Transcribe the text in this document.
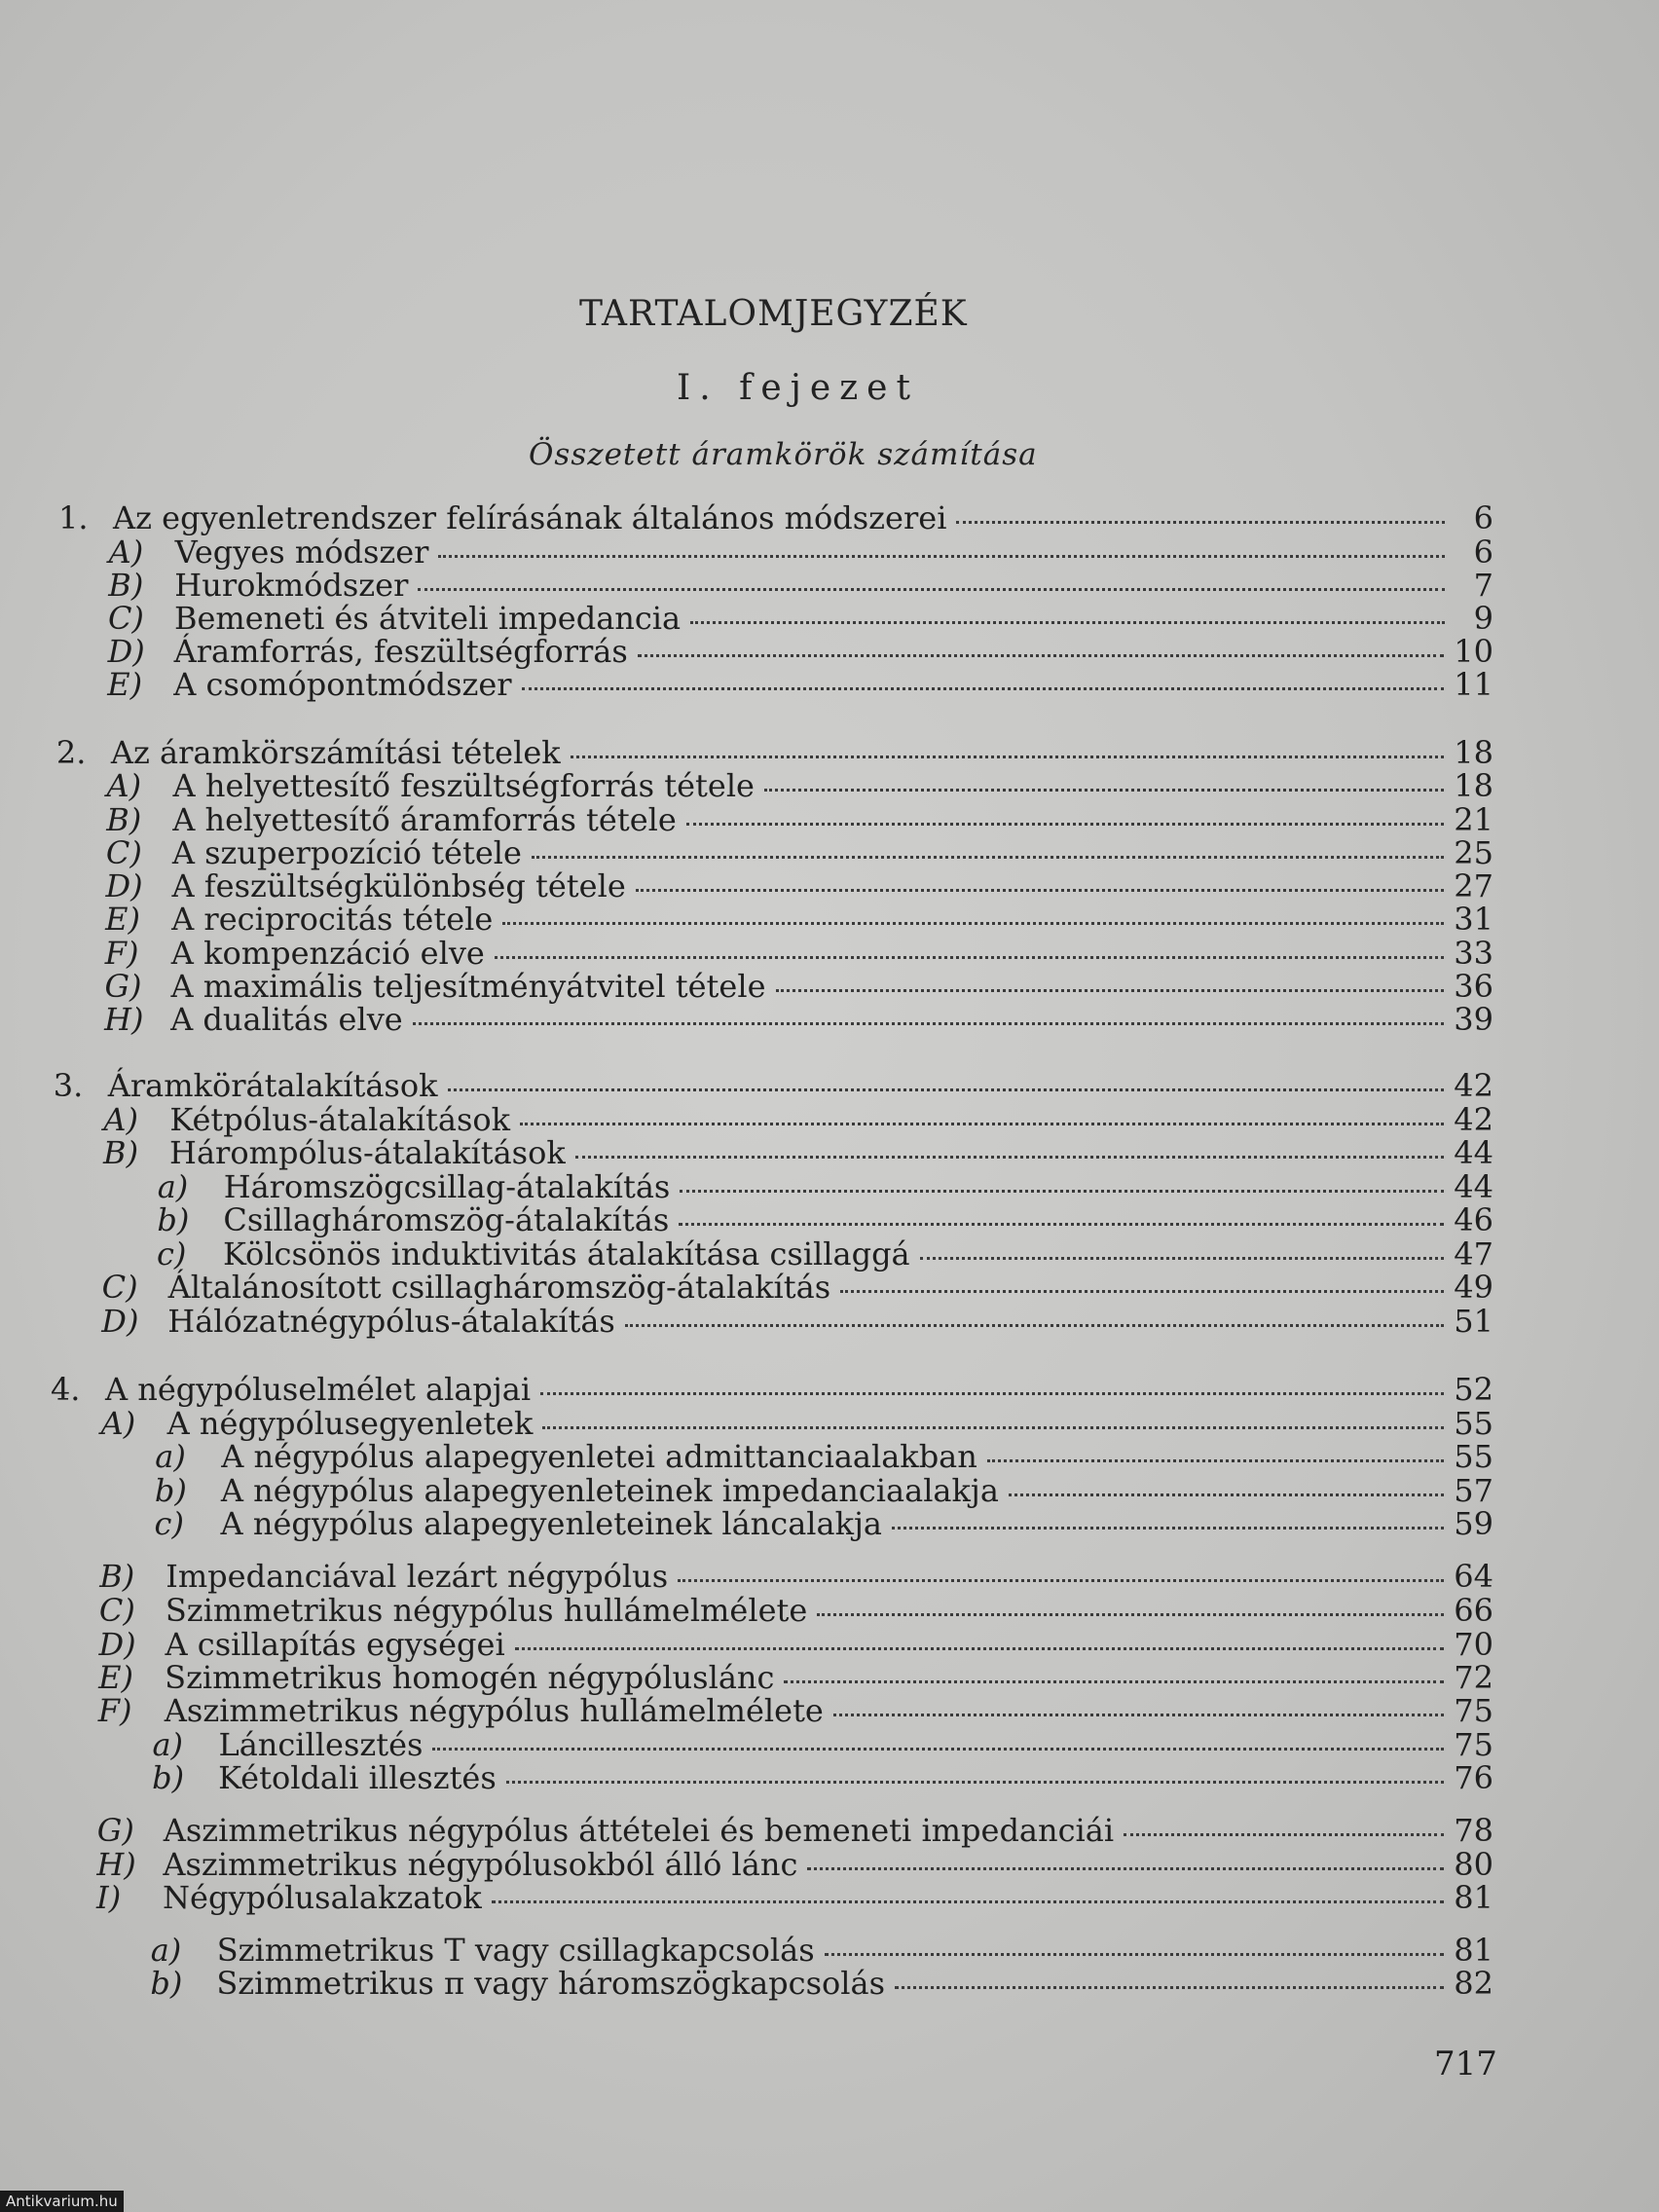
TARTALOMJEGYZÉK
I. fejezet
Összetett áramkörök számítása
1. Az egyenletrendszer felírásának általános módszerei	6
A)	Vegyes módszer	6
B)	Hurokmódszer	7
C) Bemeneti és átviteli impedancia	9
D) Áramforrás, feszültségforrás	10
E)	A csomópontmódszer	11
2. Az áramkörszámítási tételek	18
A)	A helyettesítő feszültségforrás tétele	18
B)	A helyettesítő áramforrás tétele	21
C) A szuperpozíció tétele	25
D) A feszültségkülönbség tétele	27
E)	A reciprocitás tétele	31
F)	A kompenzáció elve	33
G) A maximális teljesítményátvitel tétele	36
H) A dualitás elve	39
3. Áramkörátalakítások	42
A)	Kétpólus-átalakítások	42
B)	Hárompólus-átalakítások	44
a)	Háromszögcsillag-átalakítás	44
b)	Csillagháromszög-átalakítás	46
c)	Kölcsönös induktivitás átalakítása csillaggá	47
C) Általánosított csillagháromszög-átalakítás	49
D) Hálózatnégypólus-átalakítás	51
4. A négypóluselmélet alapjai	52
A)	A négypólusegyenletek	55
a)	A négypólus alapegyenletei admittanciaalakban	55
b)	A négypólus alapegyenleteinek impedanciaalakja	57
c)	A négypólus alapegyenleteinek láncalakja	59
B)	Impedanciával lezárt négypólus	64
C) Szimmetrikus négypólus hullámelmélete	66
D) A csillapítás egységei	70
E)	Szimmetrikus homogén négypóluslánc	72
F)	Aszimmetrikus négypólus hullámelmélete	75
a)	Láncillesztés	75
b)	Kétoldali illesztés	76
G) Aszimmetrikus négypólus áttételei és bemeneti impedanciái	78
H) Aszimmetrikus négypólusokból álló lánc	80
I)	Négypólusalakzatok	81
a)	Szimmetrikus T vagy csillagkapcsolás	81
b)	Szimmetrikus π vagy háromszögkapcsolás	82
717
Antikvarium.hu
